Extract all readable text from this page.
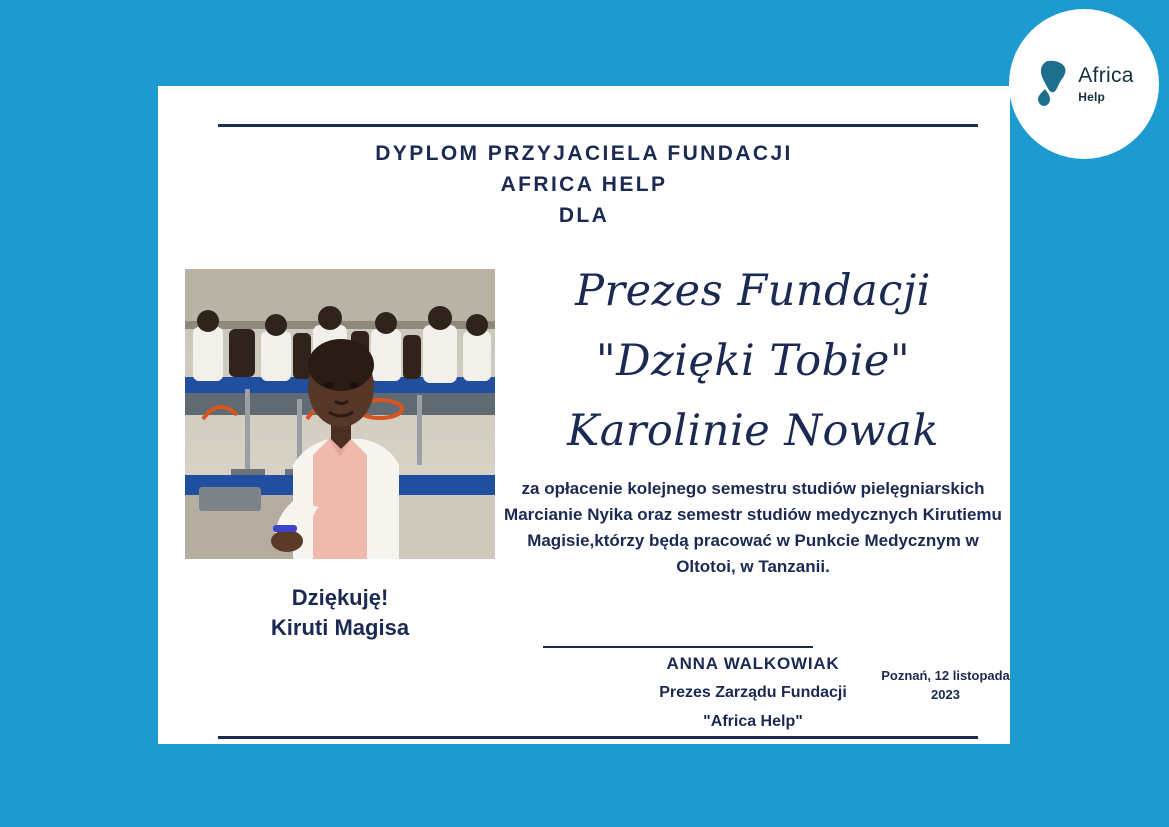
Africa
Help
DYPLOM PRZYJACIELA FUNDACJI
AFRICA HELP
DLA
Dziękuję!
Kiruti Magisa
Prezes Fundacji
"Dzięki Tobie"
Karolinie Nowak
za opłacenie kolejnego semestru studiów pielęgniarskich Marcianie Nyika oraz semestr studiów medycznych Kirutiemu Magisie,którzy będą pracować w Punkcie Medycznym w Oltotoi, w Tanzanii.
ANNA WALKOWIAK
Prezes Zarządu Fundacji
"Africa Help"
Poznań, 12 listopada
2023
